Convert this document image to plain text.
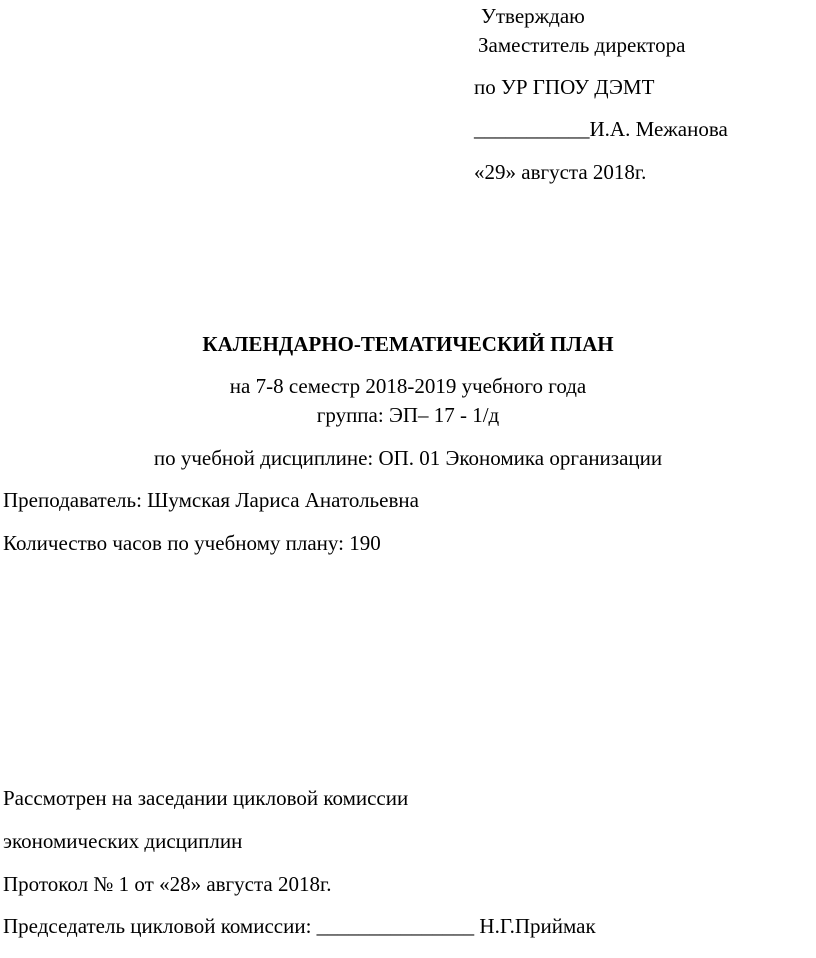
Утверждаю
Заместитель директора
по УР ГПОУ ДЭМТ
___________И.А. Межанова
«29» августа 2018г.
КАЛЕНДАРНО-ТЕМАТИЧЕСКИЙ ПЛАН
на 7-8 семестр 2018-2019 учебного года
группа: ЭП– 17 - 1/д
по учебной дисциплине: ОП. 01 Экономика организации
Преподаватель: Шумская Лариса Анатольевна
Количество часов по учебному плану: 190
Рассмотрен на заседании цикловой комиссии
экономических дисциплин
Протокол № 1 от «28» августа 2018г.
Председатель цикловой комиссии: _______________ Н.Г.Приймак
